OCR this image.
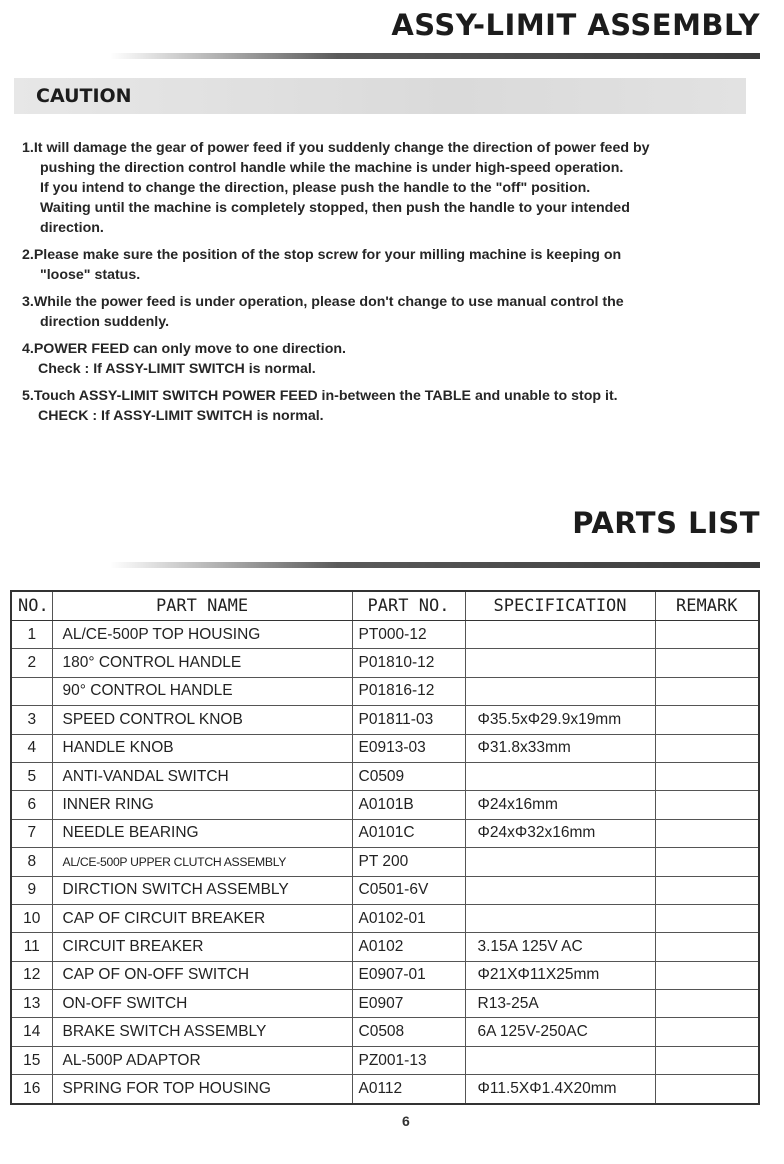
ASSY-LIMIT ASSEMBLY
CAUTION
1.It will damage the gear of power feed if you suddenly change the direction of power feed by
pushing the direction control handle while the machine is under high-speed operation.
If you intend to change the direction, please push the handle to the "off" position.
Waiting until the machine is completely stopped, then push the handle to your intended
direction.
2.Please make sure the position of the stop screw for your milling machine is keeping on
"loose" status.
3.While the power feed is under operation, please don't change to use manual control the
direction suddenly.
4.POWER FEED can only move to one direction.
Check : If ASSY-LIMIT SWITCH is normal.
5.Touch ASSY-LIMIT SWITCH POWER FEED in-between the TABLE and unable to stop it.
CHECK : If ASSY-LIMIT SWITCH is normal.
PARTS LIST
NO.	PART NAME	PART NO.	SPECIFICATION	REMARK
1	AL/CE-500P TOP HOUSING	PT000-12		
2	180° CONTROL HANDLE	P01810-12		
	90° CONTROL HANDLE	P01816-12		
3	SPEED CONTROL KNOB	P01811-03	Φ35.5xΦ29.9x19mm	
4	HANDLE KNOB	E0913-03	Φ31.8x33mm	
5	ANTI-VANDAL SWITCH	C0509		
6	INNER RING	A0101B	Φ24x16mm	
7	NEEDLE BEARING	A0101C	Φ24xΦ32x16mm	
8	AL/CE-500P UPPER CLUTCH ASSEMBLY	PT 200		
9	DIRCTION SWITCH ASSEMBLY	C0501-6V		
10	CAP OF CIRCUIT BREAKER	A0102-01		
11	CIRCUIT BREAKER	A0102	3.15A 125V AC	
12	CAP OF ON-OFF SWITCH	E0907-01	Φ21XΦ11X25mm	
13	ON-OFF SWITCH	E0907	R13-25A	
14	BRAKE SWITCH ASSEMBLY	C0508	6A 125V-250AC	
15	AL-500P ADAPTOR	PZ001-13		
16	SPRING FOR TOP HOUSING	A0112	Φ11.5XΦ1.4X20mm	
6
